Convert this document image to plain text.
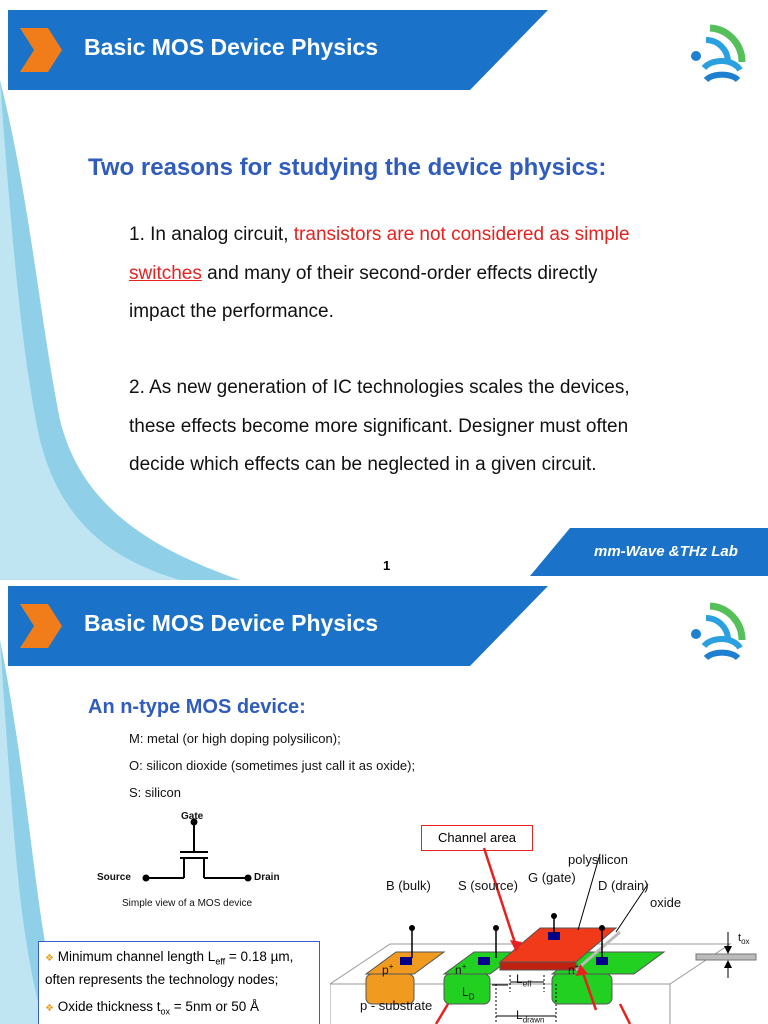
Basic MOS Device Physics
Two reasons for studying the device physics:
1. In analog circuit, transistors are not considered as simple
switches and many of their second-order effects directly
impact the performance.
2. As new generation of IC technologies scales the devices,
these effects become more significant. Designer must often
decide which effects can be neglected in a given circuit.
mm-Wave &THz Lab
1
Basic MOS Device Physics
An n-type MOS device:
M: metal (or high doping polysilicon);
O: silicon dioxide (sometimes just call it as oxide);
S: silicon
Gate
Source	Drain
Simple view of a MOS device
Channel area
polysilicon
B (bulk) S (source)
G (gate)
D (drain)
oxide
$t_{ox}$
p+	n+	n+
$L_{eff}$
$L_D$
p - substrate
$L_{drawn}$
❖ Minimum channel length $L_{eff} = 0.18$ µm, often represents the technology nodes;
❖ Oxide thickness $t_{ox} = 5nm$ or 50 Å
